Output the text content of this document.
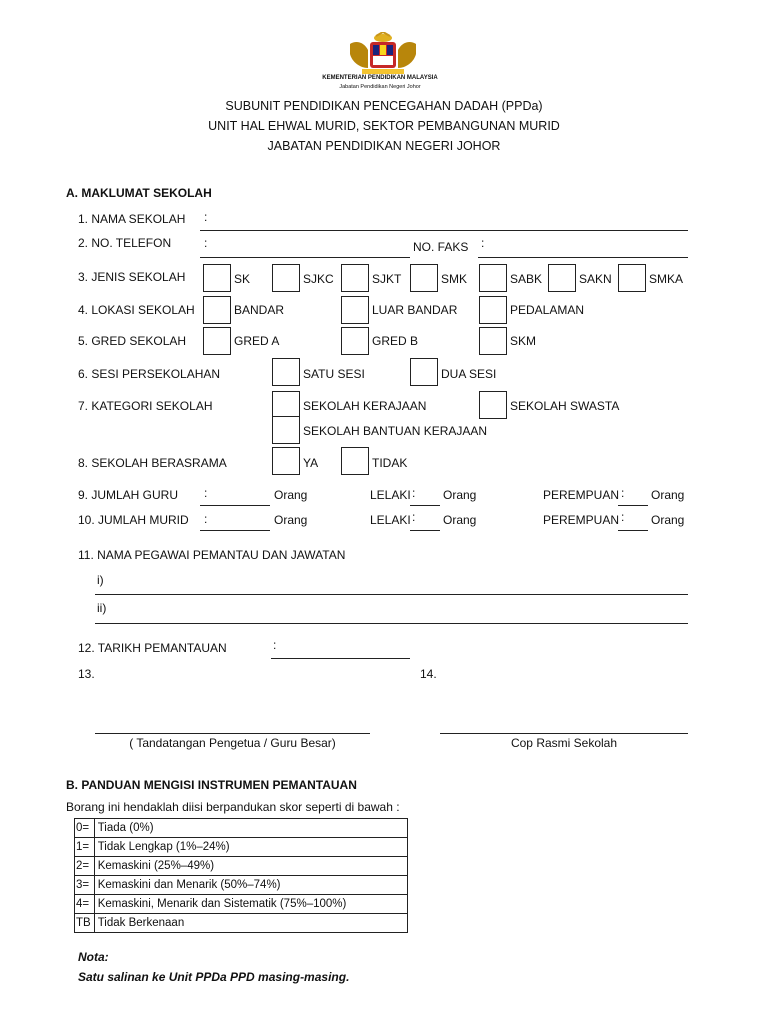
KEMENTERIAN PENDIDIKAN MALAYSIA
Jabatan Pendidikan Negeri Johor
SUBUNIT PENDIDIKAN PENCEGAHAN DADAH (PPDa)
UNIT HAL EHWAL MURID, SEKTOR PEMBANGUNAN MURID
JABATAN PENDIDIKAN NEGERI JOHOR
A. MAKLUMAT SEKOLAH
1. NAMA SEKOLAH :
2. NO. TELEFON	:	NO. FAKS :
3. JENIS SEKOLAH	SK	SJKC	SJKT	SMK	SABK	SAKN	SMKA
4. LOKASI SEKOLAH	BANDAR	LUAR BANDAR	PEDALAMAN
5. GRED SEKOLAH	GRED A	GRED B	SKM
6. SESI PERSEKOLAHAN	SATU SESI	DUA SESI
7. KATEGORI SEKOLAH	SEKOLAH KERAJAAN	SEKOLAH SWASTA
SEKOLAH BANTUAN KERAJAAN
8. SEKOLAH BERASRAMA	YA	TIDAK
9. JUMLAH GURU :	Orang	LELAKI : Orang	PEREMPUAN : Orang
10. JUMLAH MURID :	Orang	LELAKI : Orang	PEREMPUAN : Orang
11. NAMA PEGAWAI PEMANTAU DAN JAWATAN
i)
ii)
12. TARIKH PEMANTAUAN	:
13.	14.
( Tandatangan Pengetua / Guru Besar)	Cop Rasmi Sekolah
B. PANDUAN MENGISI INSTRUMEN PEMANTAUAN
Borang ini hendaklah diisi berpandukan skor seperti di bawah :
0=	Tiada (0%)
1=	Tidak Lengkap (1%–24%)
2=	Kemaskini (25%–49%)
3=	Kemaskini dan Menarik (50%–74%)
4=	Kemaskini, Menarik dan Sistematik (75%–100%)
TB	Tidak Berkenaan
Nota:
Satu salinan ke Unit PPDa PPD masing-masing.
